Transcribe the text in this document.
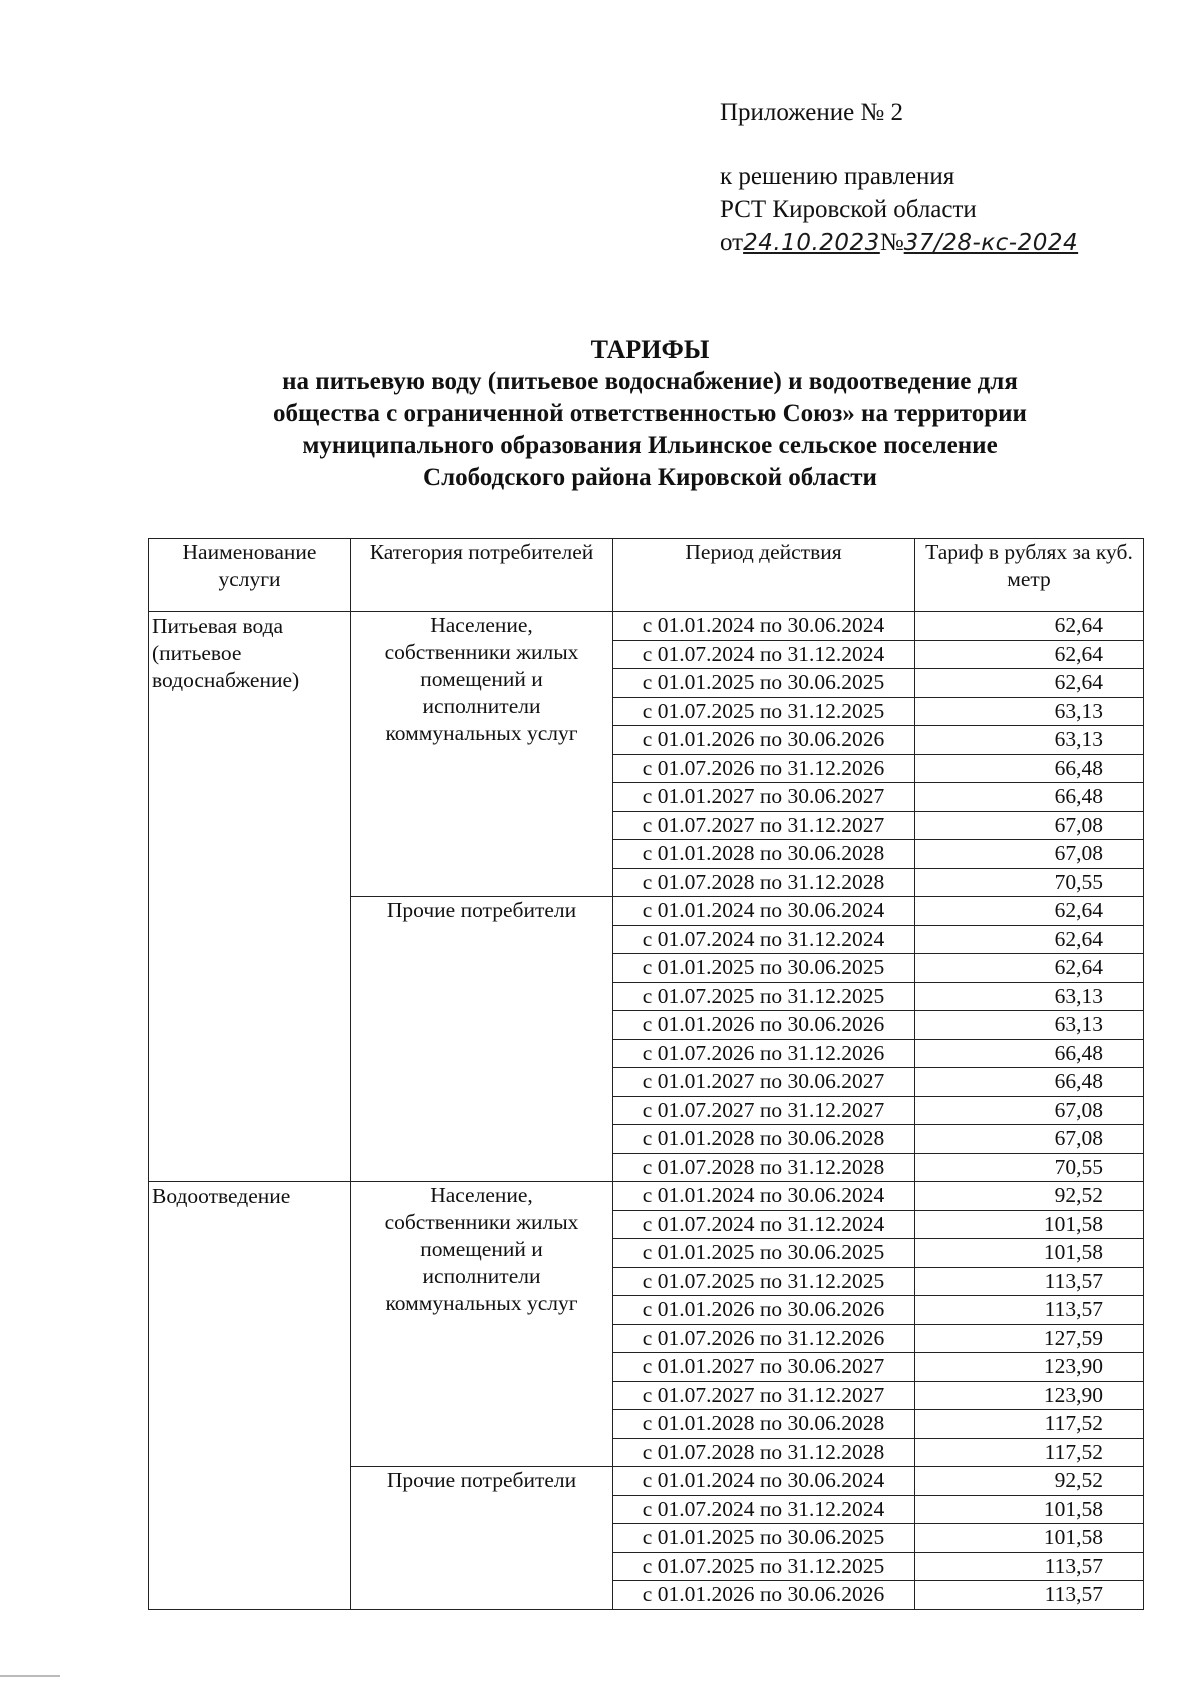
Приложение № 2
к решению правления
РСТ Кировской области
от24.10.2023№37/28-кс-2024
ТАРИФЫ
на питьевую воду (питьевое водоснабжение) и водоотведение для
общества с ограниченной ответственностью Союз» на территории
муниципального образования Ильинское сельское поселение
Слободского района Кировской области
Наименование услуги	Категория потребителей	Период действия	Тариф в рублях за куб. метр

Питьевая вода
(питьевое
водоснабжение)	Население,
собственники жилых
помещений и
исполнители
коммунальных услуг	с 01.01.2024 по 30.06.2024	62,64
		с 01.07.2024 по 31.12.2024	62,64
		с 01.01.2025 по 30.06.2025	62,64
		с 01.07.2025 по 31.12.2025	63,13
		с 01.01.2026 по 30.06.2026	63,13
		с 01.07.2026 по 31.12.2026	66,48
		с 01.01.2027 по 30.06.2027	66,48
		с 01.07.2027 по 31.12.2027	67,08
		с 01.01.2028 по 30.06.2028	67,08
		с 01.07.2028 по 31.12.2028	70,55

	Прочие потребители	с 01.01.2024 по 30.06.2024	62,64
		с 01.07.2024 по 31.12.2024	62,64
		с 01.01.2025 по 30.06.2025	62,64
		с 01.07.2025 по 31.12.2025	63,13
		с 01.01.2026 по 30.06.2026	63,13
		с 01.07.2026 по 31.12.2026	66,48
		с 01.01.2027 по 30.06.2027	66,48
		с 01.07.2027 по 31.12.2027	67,08
		с 01.01.2028 по 30.06.2028	67,08
		с 01.07.2028 по 31.12.2028	70,55

Водоотведение	Население,
собственники жилых
помещений и
исполнители
коммунальных услуг	с 01.01.2024 по 30.06.2024	92,52
		с 01.07.2024 по 31.12.2024	101,58
		с 01.01.2025 по 30.06.2025	101,58
		с 01.07.2025 по 31.12.2025	113,57
		с 01.01.2026 по 30.06.2026	113,57
		с 01.07.2026 по 31.12.2026	127,59
		с 01.01.2027 по 30.06.2027	123,90
		с 01.07.2027 по 31.12.2027	123,90
		с 01.01.2028 по 30.06.2028	117,52
		с 01.07.2028 по 31.12.2028	117,52

	Прочие потребители	с 01.01.2024 по 30.06.2024	92,52
		с 01.07.2024 по 31.12.2024	101,58
		с 01.01.2025 по 30.06.2025	101,58
		с 01.07.2025 по 31.12.2025	113,57
		с 01.01.2026 по 30.06.2026	113,57
